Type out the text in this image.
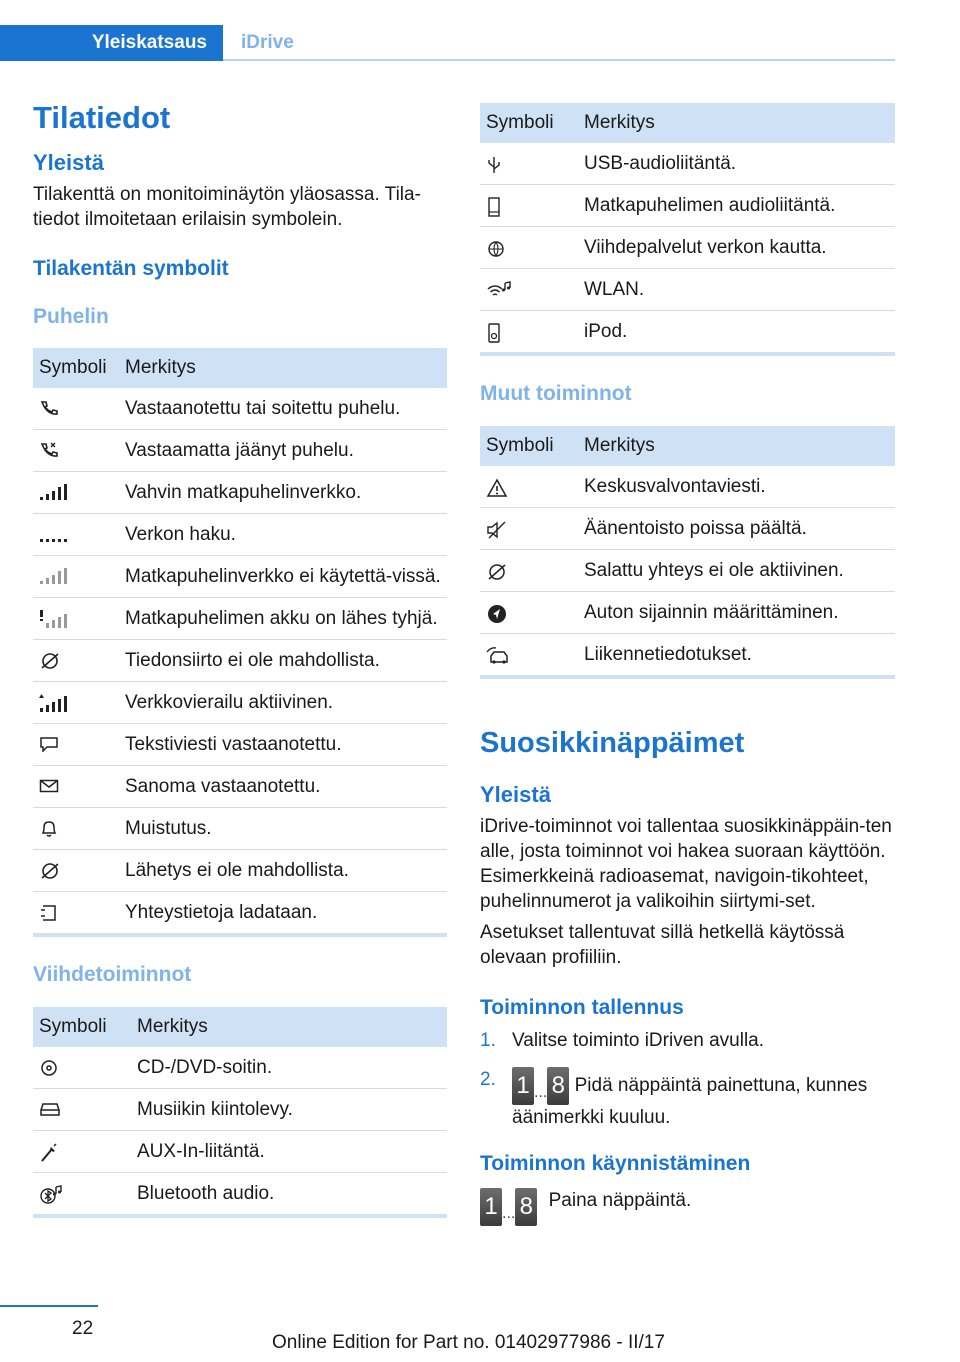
Yleiskatsaus	iDrive
Tilatiedot
Yleistä

Tilakenttä on monitoiminäytön yläosassa. Tila-tiedot ilmoitetaan erilaisin symbolein.

Tilakentän symbolit
Puhelin
Symboli	Merkitys

	Vastaanotettu tai soitettu puhelu.

	Vastaamatta jäänyt puhelu.

	Vahvin matkapuhelinverkko.

	Verkon haku.

	Matkapuhelinverkko ei käytettä-vissä.

	Matkapuhelimen akku on lähes tyhjä.

	Tiedonsiirto ei ole mahdollista.

	Verkkovierailu aktiivinen.

	Tekstiviesti vastaanotettu.

	Sanoma vastaanotettu.

	Muistutus.

	Lähetys ei ole mahdollista.

	Yhteystietoja ladataan.
Viihdetoiminnot
Symboli	Merkitys

	CD-/DVD-soitin.

	Musiikin kiintolevy.

	AUX-In-liitäntä.

	Bluetooth audio.
Symboli	Merkitys

	USB-audioliitäntä.

	Matkapuhelimen audioliitäntä.

	Viihdepalvelut verkon kautta.

	WLAN.

	iPod.
Muut toiminnot
Symboli	Merkitys

	Keskusvalvontaviesti.

	Äänentoisto poissa päältä.

	Salattu yhteys ei ole aktiivinen.

	Auton sijainnin määrittäminen.

	Liikennetiedotukset.
Suosikkinäppäimet
Yleistä

iDrive-toiminnot voi tallentaa suosikkinäppäin-ten alle, josta toiminnot voi hakea suoraan käyttöön. Esimerkkeinä radioasemat, navigoin-tikohteet, puhelinnumerot ja valikoihin siirtymi-set.

Asetukset tallentuvat sillä hetkellä käytössä olevaan profiiliin.

Toiminnon tallennus
1. Valitse toiminto iDriven avulla.
2. 1 ... 8 Pidä näppäintä painettuna, kunnes äänimerkki kuuluu.
Toiminnon käynnistäminen
1 ... 8 Paina näppäintä.
22
Online Edition for Part no. 01402977986 - II/17
